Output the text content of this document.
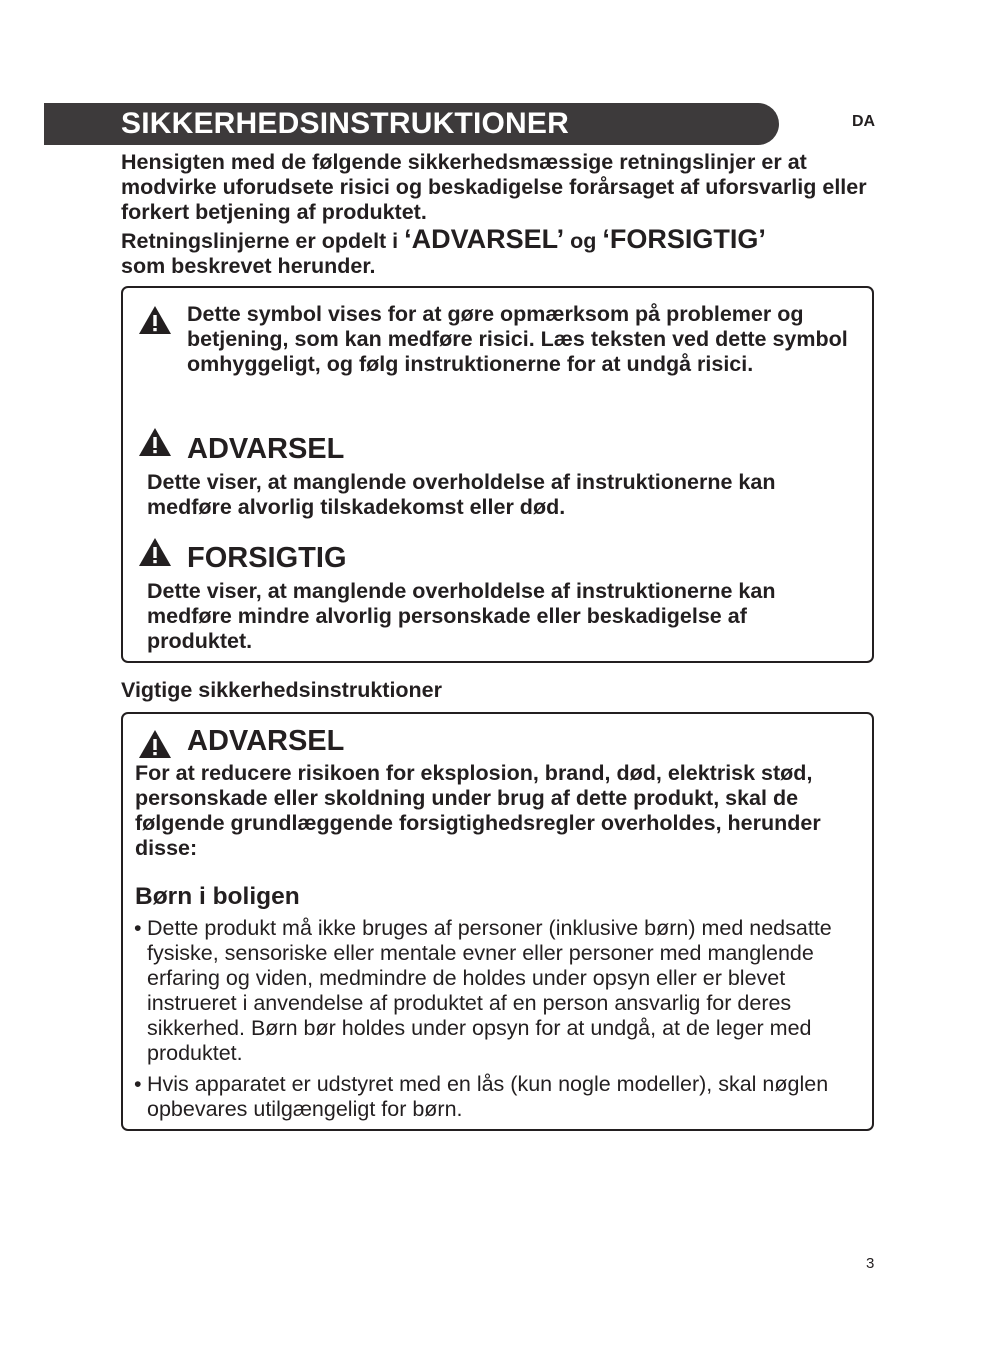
SIKKERHEDSINSTRUKTIONER	DA

Hensigten med de følgende sikkerhedsmæssige retningslinjer er at modvirke uforudsete risici og beskadigelse forårsaget af uforsvarlig eller forkert betjening af produktet.

Retningslinjerne er opdelt i ‘ADVARSEL’ og ‘FORSIGTIG’
som beskrevet herunder.

Dette symbol vises for at gøre opmærksom på problemer og betjening, som kan medføre risici. Læs teksten ved dette symbol omhyggeligt, og følg instruktionerne for at undgå risici.
ADVARSEL
Dette viser, at manglende overholdelse af instruktionerne kan medføre alvorlig tilskadekomst eller død.
FORSIGTIG
Dette viser, at manglende overholdelse af instruktionerne kan medføre mindre alvorlig personskade eller beskadigelse af produktet.
Vigtige sikkerhedsinstruktioner
ADVARSEL
For at reducere risikoen for eksplosion, brand, død, elektrisk stød, personskade eller skoldning under brug af dette produkt, skal de følgende grundlæggende forsigtighedsregler overholdes, herunder disse:
Børn i boligen
• Dette produkt må ikke bruges af personer (inklusive børn) med nedsatte fysiske, sensoriske eller mentale evner eller personer med manglende erfaring og viden, medmindre de holdes under opsyn eller er blevet instrueret i anvendelse af produktet af en person ansvarlig for deres sikkerhed. Børn bør holdes under opsyn for at undgå, at de leger med produktet.
• Hvis apparatet er udstyret med en lås (kun nogle modeller), skal nøglen opbevares utilgængeligt for børn.
3
